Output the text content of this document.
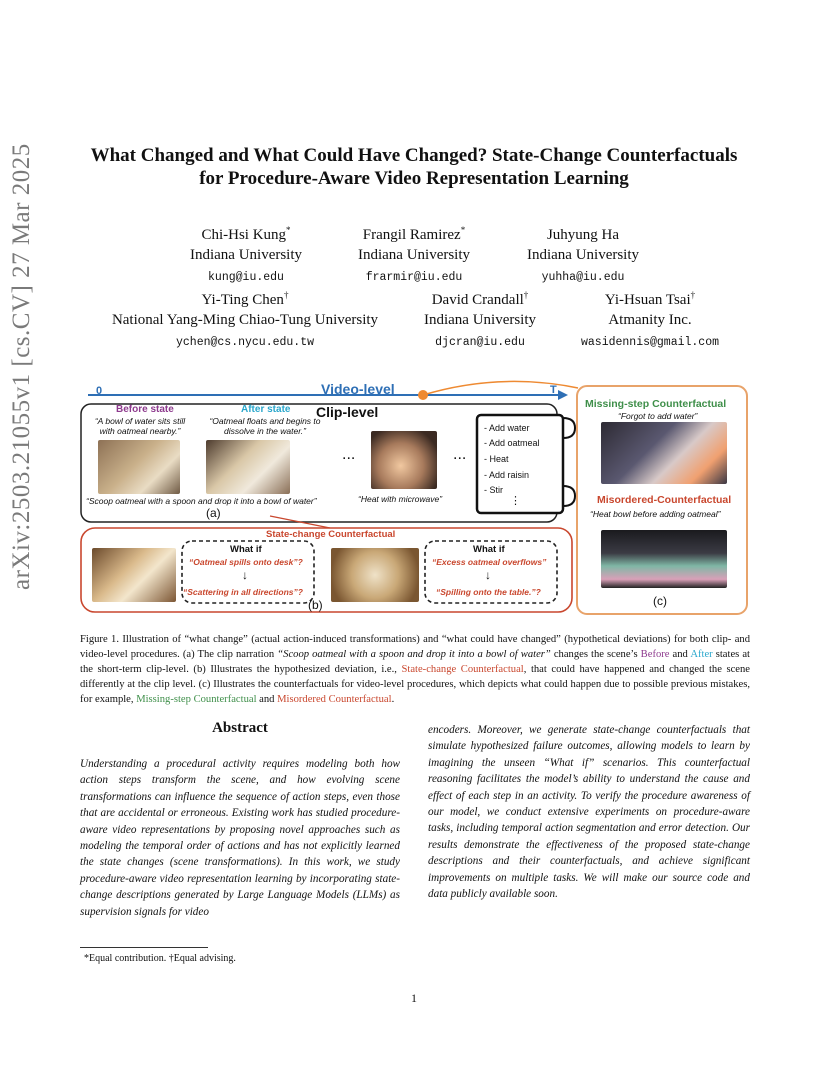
arXiv:2503.21055v1 [cs.CV] 27 Mar 2025	What Changed and What Could Have Changed? State-Change Counterfactuals
for Procedure-Aware Video Representation Learning
Chi-Hsi Kung*
Indiana University
kung@iu.edu
Frangil Ramirez*
Indiana University
frarmir@iu.edu
Juhyung Ha
Indiana University
yuhha@iu.edu
Yi-Ting Chen†
National Yang-Ming Chiao-Tung University
ychen@cs.nycu.edu.tw
David Crandall†
Indiana University
djcran@iu.edu
Yi-Hsuan Tsai†
Atmanity Inc.
wasidennis@gmail.com
0	Video-level	T
Clip-level
Before state
“A bowl of water sits still with oatmeal nearby.”
After state
“Oatmeal floats and begins to dissolve in the water.”
“Scoop oatmeal with a spoon and drop it into a bowl of water”	“Heat with microwave”
...	...
(a)
- Add water
- Add oatmeal
- Heat
- Add raisin
- Stir
⋮
Missing-step Counterfactual
“Forgot to add water”
Misordered-Counterfactual
“Heat bowl before adding oatmeal”
(c)
State-change Counterfactual
What if
“Oatmeal spills onto desk”?
↓
“Scattering in all directions”?
(b)
What if
“Excess oatmeal overflows”
↓
“Spilling onto the table.”?
Figure 1. Illustration of “what change” (actual action-induced transformations) and “what could have changed” (hypothetical deviations) for both clip- and video-level procedures. (a) The clip narration “Scoop oatmeal with a spoon and drop it into a bowl of water” changes the scene’s Before and After states at the short-term clip-level. (b) Illustrates the hypothesized deviation, i.e., State-change Counterfactual, that could have happened and changed the scene differently at the clip level. (c) Illustrates the counterfactuals for video-level procedures, which depicts what could happen due to possible previous mistakes, for example, Missing-step Counterfactual and Misordered Counterfactual.
Abstract
Understanding a procedural activity requires modeling both how action steps transform the scene, and how evolving scene transformations can influence the sequence of action steps, even those that are accidental or erroneous. Existing work has studied procedure-aware video representations by proposing novel approaches such as modeling the temporal order of actions and has not explicitly learned the state changes (scene transformations). In this work, we study procedure-aware video representation learning by incorporating state-change descriptions generated by Large Language Models (LLMs) as supervision signals for video
encoders. Moreover, we generate state-change counterfactuals that simulate hypothesized failure outcomes, allowing models to learn by imagining the unseen “What if” scenarios. This counterfactual reasoning facilitates the model’s ability to understand the cause and effect of each step in an activity. To verify the procedure awareness of our model, we conduct extensive experiments on procedure-aware tasks, including temporal action segmentation and error detection. Our results demonstrate the effectiveness of the proposed state-change descriptions and their counterfactuals, and achieve significant improvements on multiple tasks. We will make our source code and data publicly available soon.
*Equal contribution. †Equal advising.
1
